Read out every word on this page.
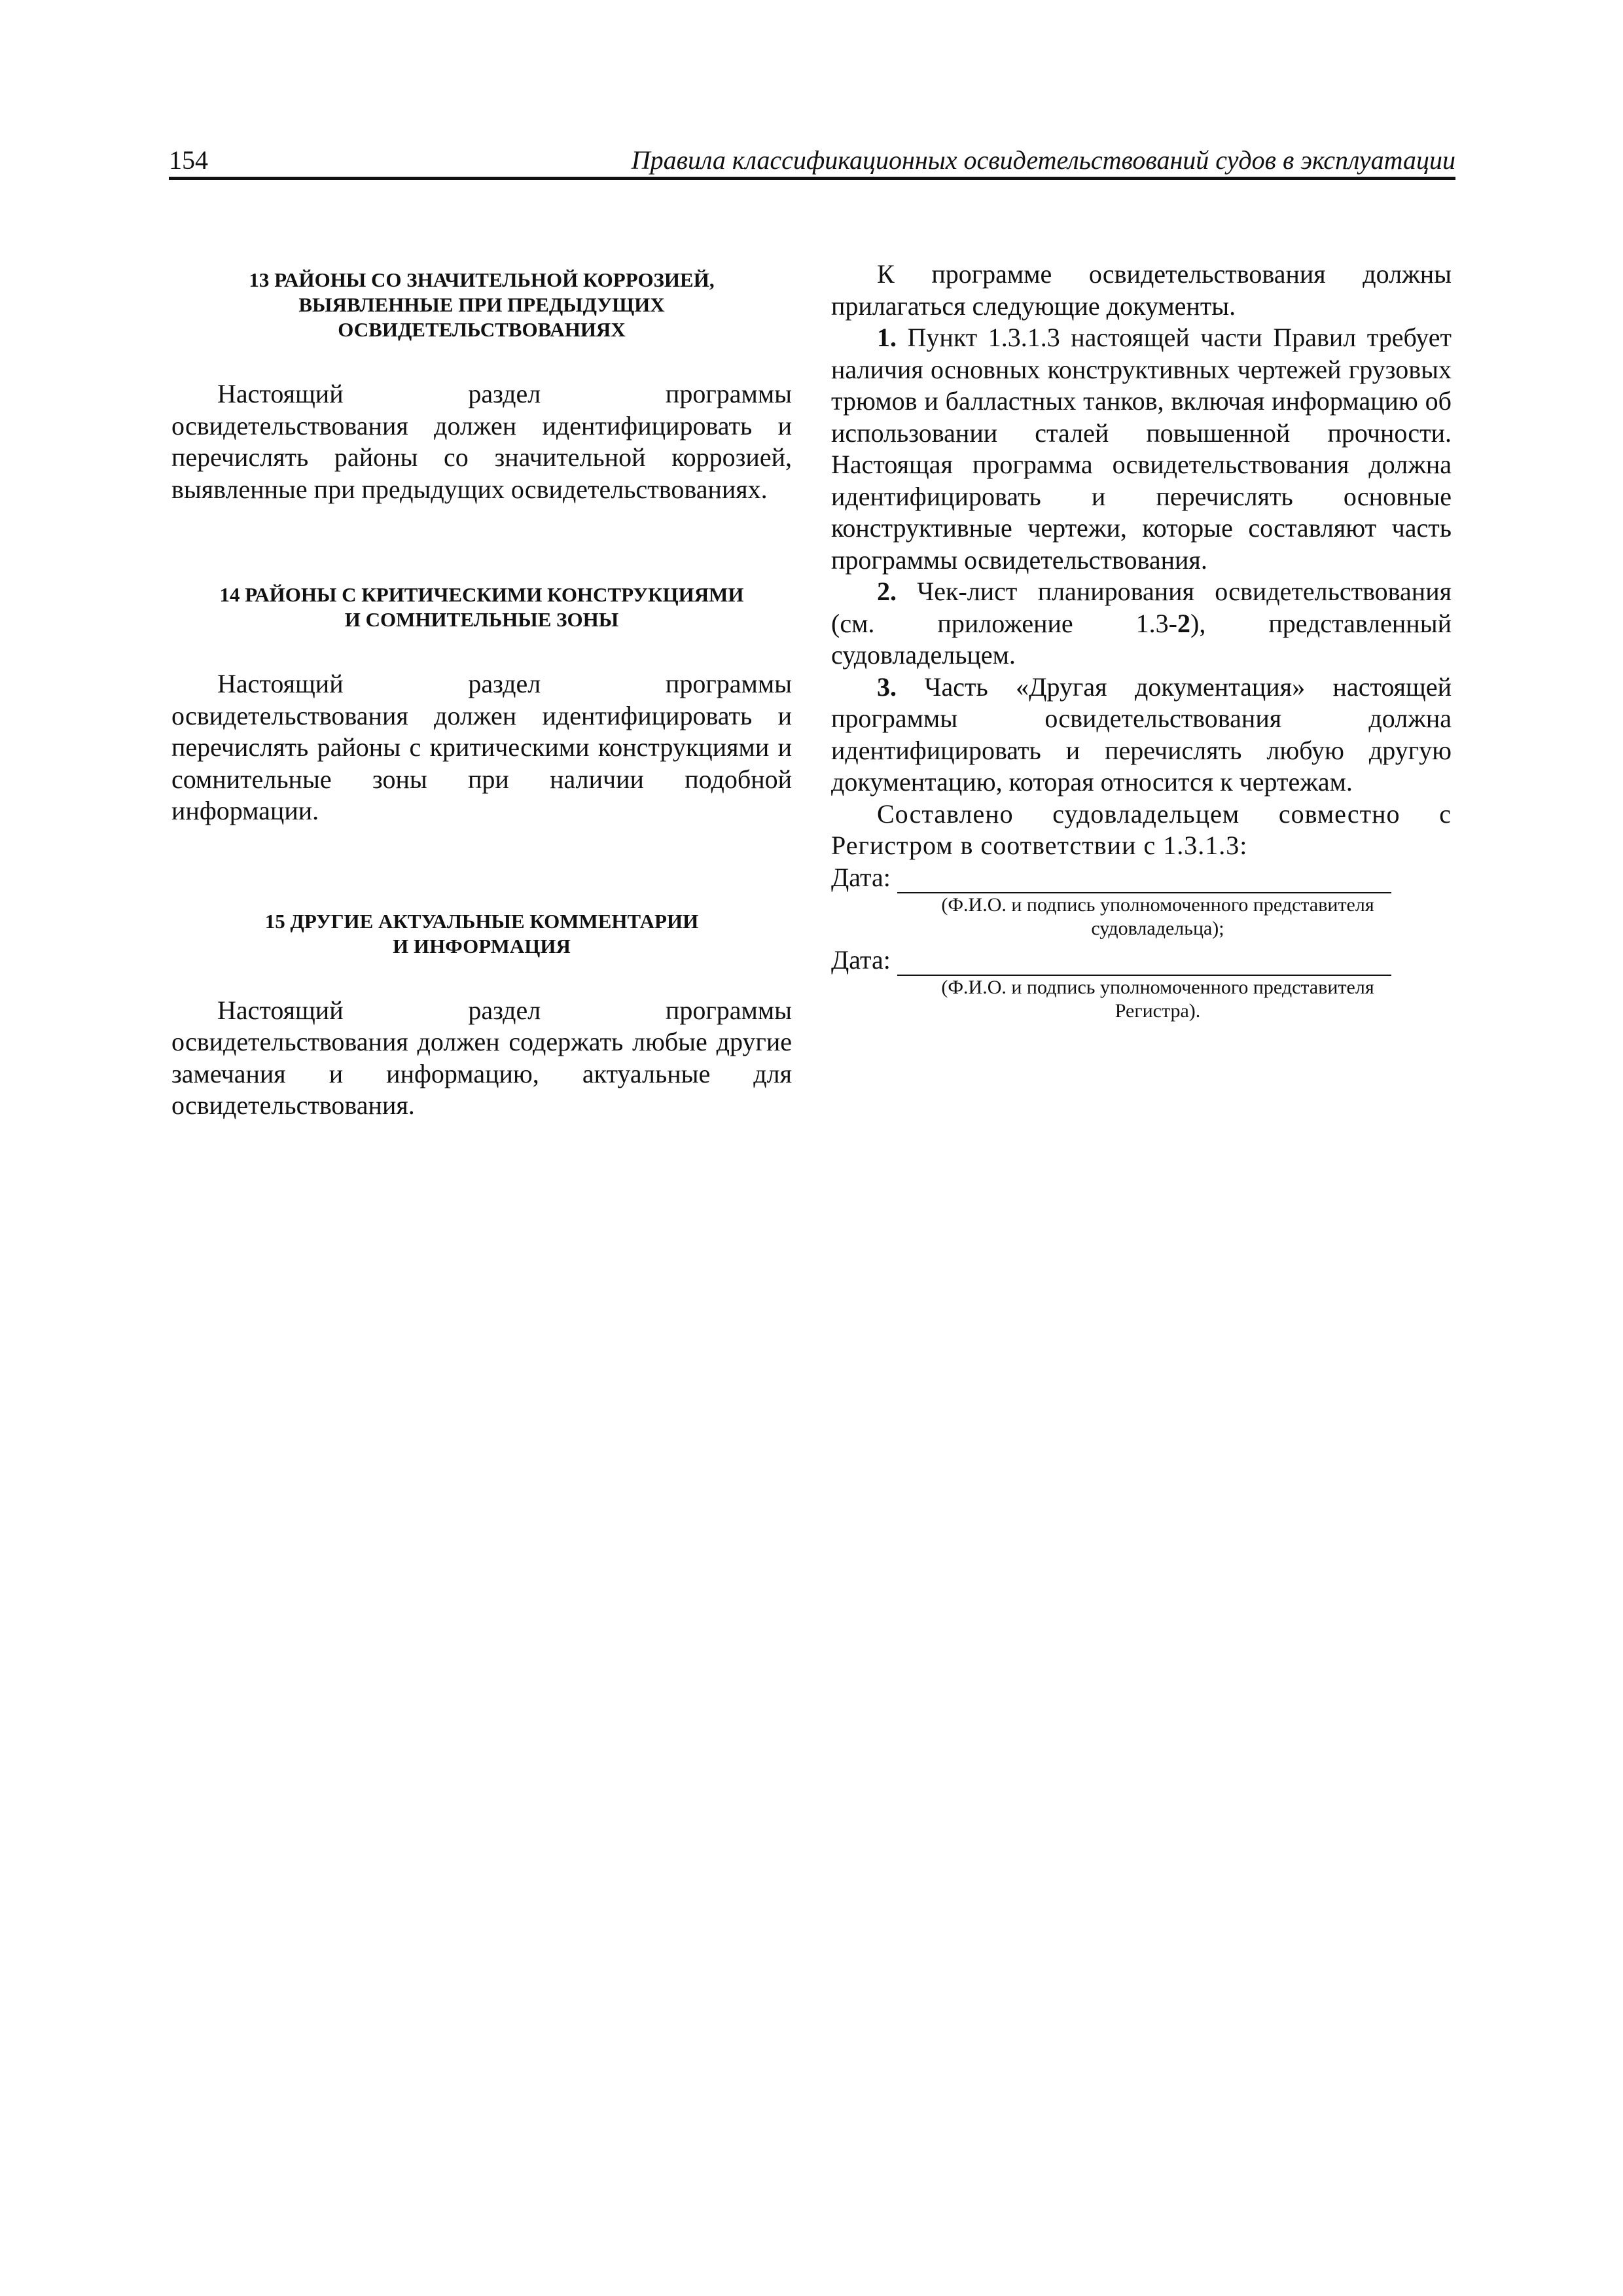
154	Правила классификационных освидетельствований судов в эксплуатации
13 РАЙОНЫ СО ЗНАЧИТЕЛЬНОЙ КОРРОЗИЕЙ,
ВЫЯВЛЕННЫЕ ПРИ ПРЕДЫДУЩИХ
ОСВИДЕТЕЛЬСТВОВАНИЯХ

Настоящий раздел программы освидетельствования должен идентифицировать и перечислять районы со значительной коррозией, выявленные при предыдущих освидетельствованиях.

14 РАЙОНЫ С КРИТИЧЕСКИМИ КОНСТРУКЦИЯМИ
И СОМНИТЕЛЬНЫЕ ЗОНЫ

Настоящий раздел программы освидетельствования должен идентифицировать и перечислять районы с критическими конструкциями и сомнительные зоны при наличии подобной информации.

15 ДРУГИЕ АКТУАЛЬНЫЕ КОММЕНТАРИИ
И ИНФОРМАЦИЯ

Настоящий раздел программы освидетельствования должен содержать любые другие замечания и информацию, актуальные для освидетельствования.

К программе освидетельствования должны прилагаться следующие документы.

1. Пункт 1.3.1.3 настоящей части Правил требует наличия основных конструктивных чертежей грузовых трюмов и балластных танков, включая информацию об использовании сталей повышенной прочности. Настоящая программа освидетельствования должна идентифицировать и перечислять основные конструктивные чертежи, которые составляют часть программы освидетельствования.

2. Чек-лист планирования освидетельствования (см. приложение 1.3-2), представленный судовладельцем.

3. Часть «Другая документация» настоящей программы освидетельствования должна идентифицировать и перечислять любую другую документацию, которая относится к чертежам.

Составлено судовладельцем совместно с Регистром в соответствии с 1.3.1.3:

Дата:
(Ф.И.О. и подпись уполномоченного представителя
судовладельца);
Дата:
(Ф.И.О. и подпись уполномоченного представителя
Регистра).
